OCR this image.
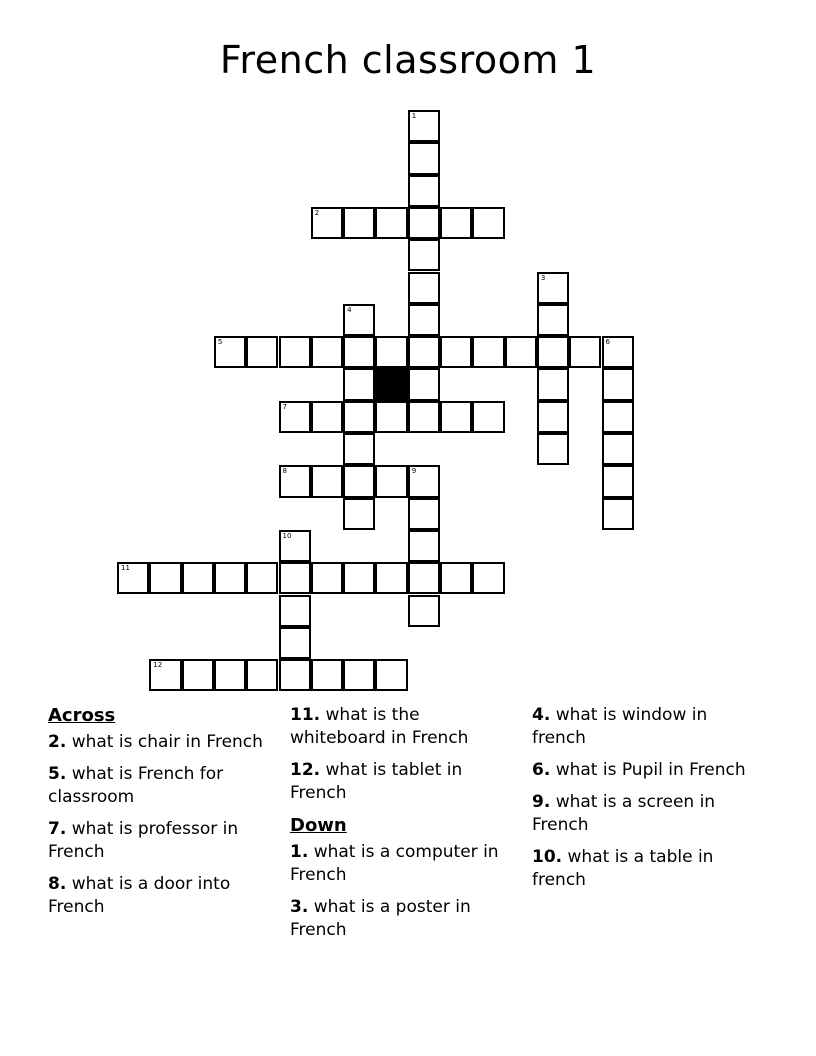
French classroom 1
1
2
3
4
5	6
7
8	9
10
11
12
Across
2. what is chair in French
5. what is French for classroom
7. what is professor in French
8. what is a door into French
11. what is the whiteboard in French
12. what is tablet in French
Down
1. what is a computer in French
3. what is a poster in French
4. what is window in french
6. what is Pupil in French
9. what is a screen in French
10. what is a table in french
